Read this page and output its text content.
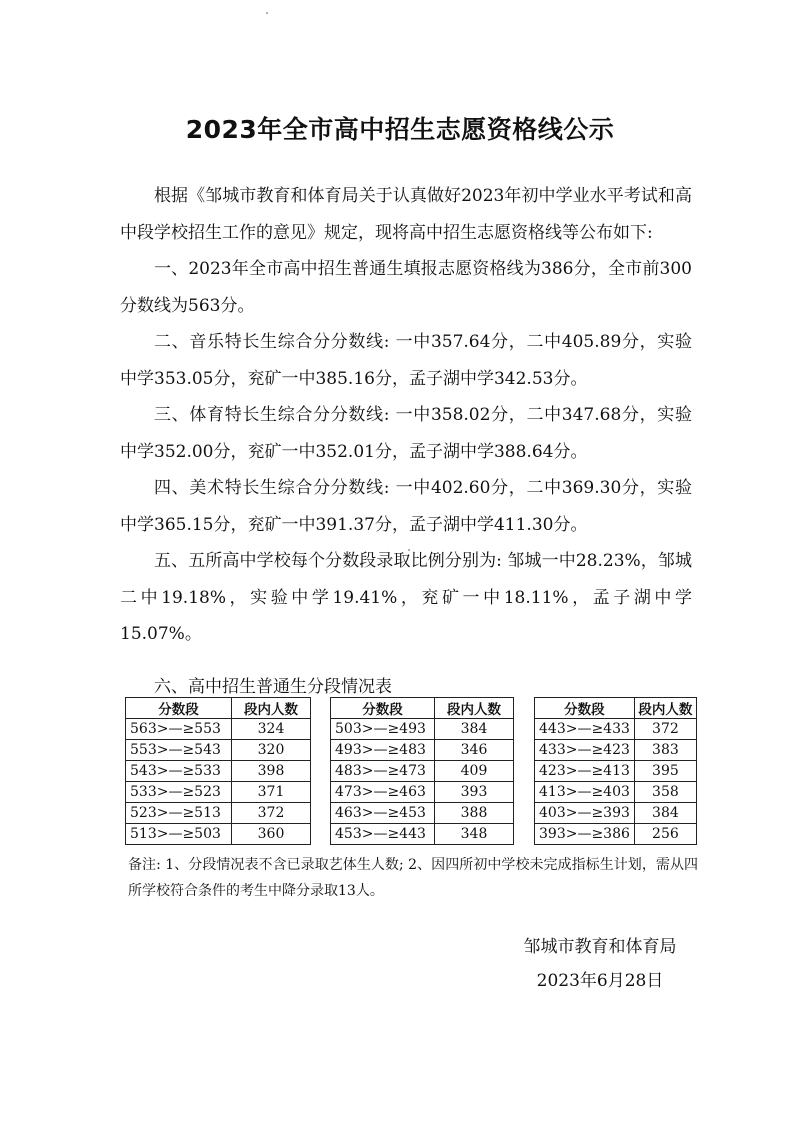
2023年全市高中招生志愿资格线公示

根据《邹城市教育和体育局关于认真做好2023年初中学业水平考试和高中段学校招生工作的意见》规定，现将高中招生志愿资格线等公布如下:

一、2023年全市高中招生普通生填报志愿资格线为386分，全市前300分数线为563分。

二、音乐特长生综合分分数线: 一中357.64分，二中405.89分，实验中学353.05分，兖矿一中385.16分，孟子湖中学342.53分。

三、体育特长生综合分分数线: 一中358.02分，二中347.68分，实验中学352.00分，兖矿一中352.01分，孟子湖中学388.64分。

四、美术特长生综合分分数线: 一中402.60分，二中369.30分，实验中学365.15分，兖矿一中391.37分，孟子湖中学411.30分。

五、五所高中学校每个分数段录取比例分别为: 邹城一中28.23%，邹城二中19.18%，实验中学19.41%，兖矿一中18.11%，孟子湖中学15.07%。

六、高中招生普通生分段情况表
分数段	段内人数
563>—≥553	324
553>—≥543	320
543>—≥533	398
533>—≥523	371
523>—≥513	372
513>—≥503	360
分数段	段内人数
503>—≥493	384
493>—≥483	346
483>—≥473	409
473>—≥463	393
463>—≥453	388
453>—≥443	348
分数段	段内人数
443>—≥433	372
433>—≥423	383
423>—≥413	395
413>—≥403	358
403>—≥393	384
393>—≥386	256
备注: 1、分段情况表不含已录取艺体生人数; 2、因四所初中学校未完成指标生计划，需从四所学校符合条件的考生中降分录取13人。
邹城市教育和体育局
2023年6月28日
